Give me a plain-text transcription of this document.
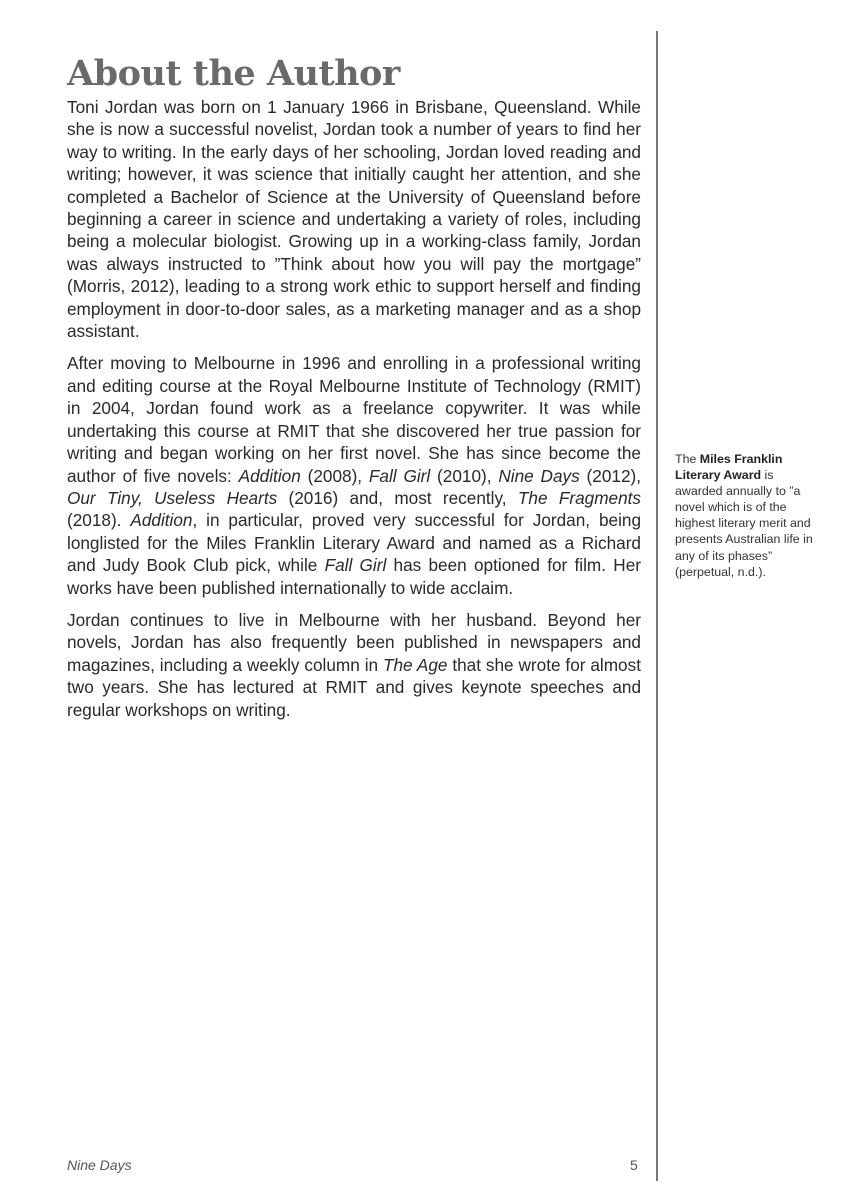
About the Author

Toni Jordan was born on 1 January 1966 in Brisbane, Queensland. While she is now a successful novelist, Jordan took a number of years to find her way to writing. In the early days of her schooling, Jordan loved reading and writing; however, it was science that initially caught her attention, and she completed a Bachelor of Science at the University of Queensland before beginning a career in science and undertaking a variety of roles, including being a molecular biologist. Growing up in a working-class family, Jordan was always instructed to ”Think about how you will pay the mortgage” (Morris, 2012), leading to a strong work ethic to support herself and finding employment in door-to-door sales, as a marketing manager and as a shop assistant.

After moving to Melbourne in 1996 and enrolling in a professional writing and editing course at the Royal Melbourne Institute of Technology (RMIT) in 2004, Jordan found work as a freelance copywriter. It was while undertaking this course at RMIT that she discovered her true passion for writing and began working on her first novel. She has since become the author of five novels: Addition (2008), Fall Girl (2010), Nine Days (2012), Our Tiny, Useless Hearts (2016) and, most recently, The Fragments (2018). Addition, in particular, proved very successful for Jordan, being longlisted for the Miles Franklin Literary Award and named as a Richard and Judy Book Club pick, while Fall Girl has been optioned for film. Her works have been published internationally to wide acclaim.

Jordan continues to live in Melbourne with her husband. Beyond her novels, Jordan has also frequently been published in newspapers and magazines, including a weekly column in The Age that she wrote for almost two years. She has lectured at RMIT and gives keynote speeches and regular workshops on writing.

The Miles Franklin Literary Award is awarded annually to ”a novel which is of the highest literary merit and presents Australian life in any of its phases” (perpetual, n.d.).
Nine Days	5
